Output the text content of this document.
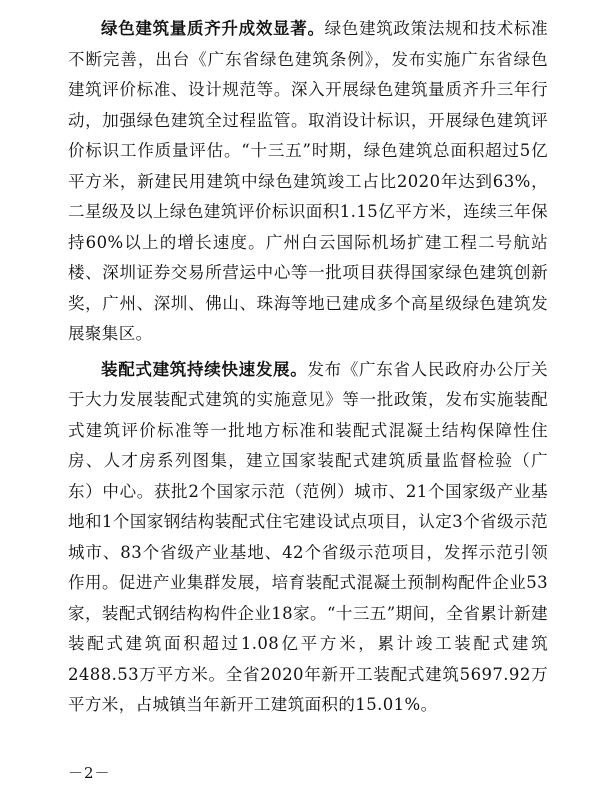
绿色建筑量质齐升成效显著。绿色建筑政策法规和技术标准不断完善，出台《广东省绿色建筑条例》，发布实施广东省绿色建筑评价标准、设计规范等。深入开展绿色建筑量质齐升三年行动，加强绿色建筑全过程监管。取消设计标识，开展绿色建筑评价标识工作质量评估。“十三五”时期，绿色建筑总面积超过5亿平方米，新建民用建筑中绿色建筑竣工占比2020年达到63%，二星级及以上绿色建筑评价标识面积1.15亿平方米，连续三年保持60%以上的增长速度。广州白云国际机场扩建工程二号航站楼、深圳证券交易所营运中心等一批项目获得国家绿色建筑创新奖，广州、深圳、佛山、珠海等地已建成多个高星级绿色建筑发展聚集区。

装配式建筑持续快速发展。发布《广东省人民政府办公厅关于大力发展装配式建筑的实施意见》等一批政策，发布实施装配式建筑评价标准等一批地方标准和装配式混凝土结构保障性住房、人才房系列图集，建立国家装配式建筑质量监督检验（广东）中心。获批2个国家示范（范例）城市、21个国家级产业基地和1个国家钢结构装配式住宅建设试点项目，认定3个省级示范城市、83个省级产业基地、42个省级示范项目，发挥示范引领作用。促进产业集群发展，培育装配式混凝土预制构配件企业53家，装配式钢结构构件企业18家。“十三五”期间，全省累计新建装配式建筑面积超过1.08亿平方米，累计竣工装配式建筑2488.53万平方米。全省2020年新开工装配式建筑5697.92万平方米，占城镇当年新开工建筑面积的15.01%。

－2－
